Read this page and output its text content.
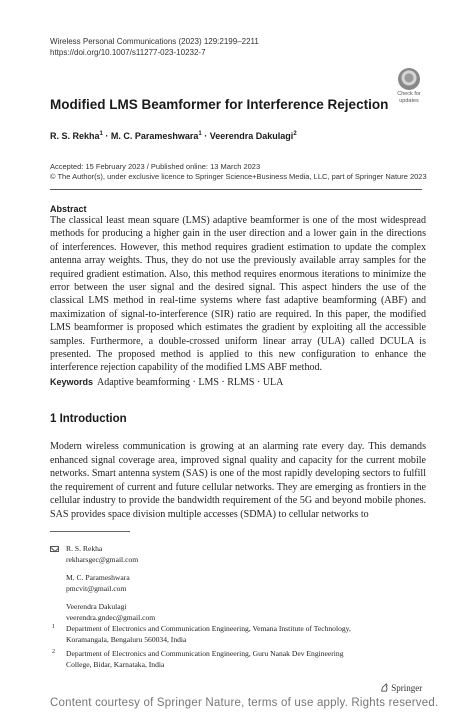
Wireless Personal Communications (2023) 129:2199–2211
https://doi.org/10.1007/s11277-023-10232-7
Check for
updates
Modified LMS Beamformer for Interference Rejection
R. S. Rekha$^1$ · M. C. Parameshwara$^1$ · Veerendra Dakulagi$^2$
Accepted: 15 February 2023 / Published online: 13 March 2023
© The Author(s), under exclusive licence to Springer Science+Business Media, LLC, part of Springer Nature 2023
Abstract
The classical least mean square (LMS) adaptive beamformer is one of the most widespread methods for producing a higher gain in the user direction and a lower gain in the directions of interferences. However, this method requires gradient estimation to update the complex antenna array weights. Thus, they do not use the previously available array samples for the required gradient estimation. Also, this method requires enormous iterations to minimize the error between the user signal and the desired signal. This aspect hinders the use of the classical LMS method in real-time systems where fast adaptive beamforming (ABF) and maximization of signal-to-interference (SIR) ratio are required. In this paper, the modified LMS beamformer is proposed which estimates the gradient by exploiting all the accessible samples. Furthermore, a double-crossed uniform linear array (ULA) called DCULA is presented. The proposed method is applied to this new configuration to enhance the interference rejection capability of the modified LMS ABF method.
Keywords Adaptive beamforming · LMS · RLMS · ULA
1 Introduction
Modern wireless communication is growing at an alarming rate every day. This demands enhanced signal coverage area, improved signal quality and capacity for the current mobile networks. Smart antenna system (SAS) is one of the most rapidly developing sectors to fulfill the requirement of current and future cellular networks. They are emerging as frontiers in the cellular industry to provide the bandwidth requirement of the 5G and beyond mobile phones. SAS provides space division multiple accesses (SDMA) to cellular networks to
R. S. Rekha
rekharsgec@gmail.com
M. C. Parameshwara
pmcvit@gmail.com
Veerendra Dakulagi
veerendra.gndec@gmail.com
1 Department of Electronics and Communication Engineering, Vemana Institute of Technology,
Koramangala, Bengaluru 560034, India
2 Department of Electronics and Communication Engineering, Guru Nanak Dev Engineering
College, Bidar, Karnataka, India
Springer
Content courtesy of Springer Nature, terms of use apply. Rights reserved.
